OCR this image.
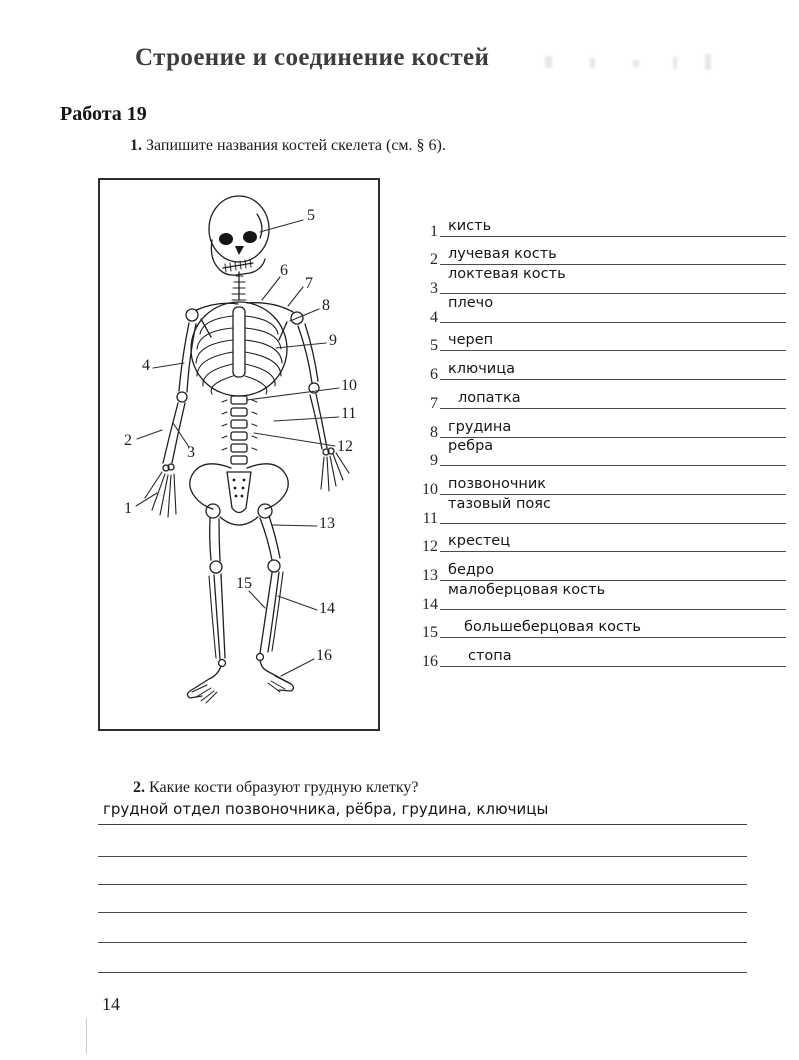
Строение и соединение костей
Работа 19

1. Запишите названия костей скелета (см. § 6).

1
2
3
4
5
6
7
8
9
10
11
12
13
14
15
16
1 кисть
2 лучевая кость
3
локтевая кость
4
плечо
5 череп
6 ключица
7 лопатка
8 грудина
9
ребра
10 позвоночник
11
тазовый пояс
12 крестец
13 бедро
14
малоберцовая кость
15 большеберцовая кость
16 стопа

2. Какие кости образуют грудную клетку?

грудной отдел позвоночника, рёбра, грудина, ключицы
14
